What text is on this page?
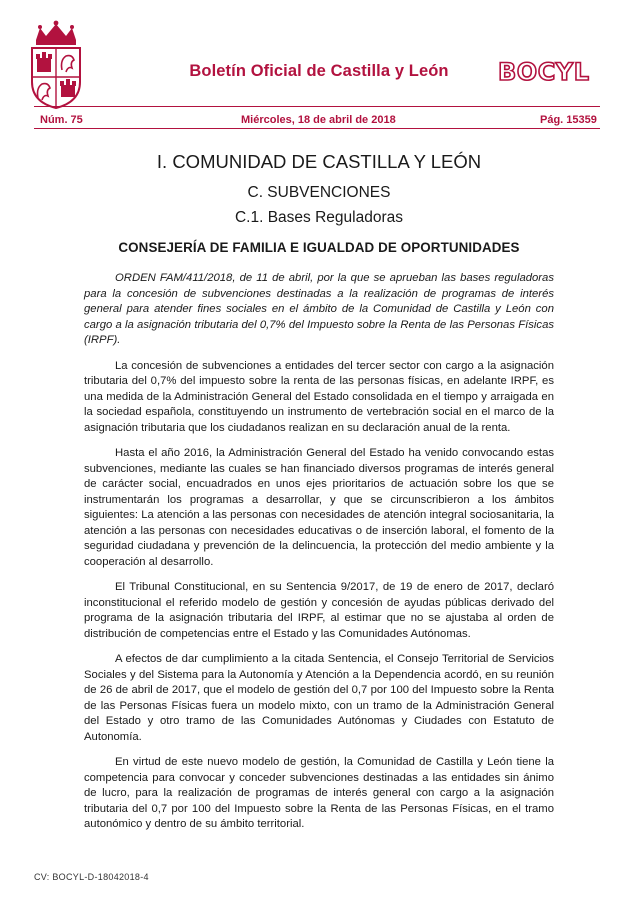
Boletín Oficial de Castilla y León	BOCYL
Núm. 75	Miércoles, 18 de abril de 2018	Pág. 15359
I. COMUNIDAD DE CASTILLA Y LEÓN
C. SUBVENCIONES
C.1. Bases Reguladoras
CONSEJERÍA DE FAMILIA E IGUALDAD DE OPORTUNIDADES

ORDEN FAM/411/2018, de 11 de abril, por la que se aprueban las bases reguladoras para la concesión de subvenciones destinadas a la realización de programas de interés general para atender fines sociales en el ámbito de la Comunidad de Castilla y León con cargo a la asignación tributaria del 0,7% del Impuesto sobre la Renta de las Personas Físicas (IRPF).

La concesión de subvenciones a entidades del tercer sector con cargo a la asignación tributaria del 0,7% del impuesto sobre la renta de las personas físicas, en adelante IRPF, es una medida de la Administración General del Estado consolidada en el tiempo y arraigada en la sociedad española, constituyendo un instrumento de vertebración social en el marco de la asignación tributaria que los ciudadanos realizan en su declaración anual de la renta.

Hasta el año 2016, la Administración General del Estado ha venido convocando estas subvenciones, mediante las cuales se han financiado diversos programas de interés general de carácter social, encuadrados en unos ejes prioritarios de actuación sobre los que se instrumentarán los programas a desarrollar, y que se circunscribieron a los ámbitos siguientes: La atención a las personas con necesidades de atención integral sociosanitaria, la atención a las personas con necesidades educativas o de inserción laboral, el fomento de la seguridad ciudadana y prevención de la delincuencia, la protección del medio ambiente y la cooperación al desarrollo.

El Tribunal Constitucional, en su Sentencia 9/2017, de 19 de enero de 2017, declaró inconstitucional el referido modelo de gestión y concesión de ayudas públicas derivado del programa de la asignación tributaria del IRPF, al estimar que no se ajustaba al orden de distribución de competencias entre el Estado y las Comunidades Autónomas.

A efectos de dar cumplimiento a la citada Sentencia, el Consejo Territorial de Servicios Sociales y del Sistema para la Autonomía y Atención a la Dependencia acordó, en su reunión de 26 de abril de 2017, que el modelo de gestión del 0,7 por 100 del Impuesto sobre la Renta de las Personas Físicas fuera un modelo mixto, con un tramo de la Administración General del Estado y otro tramo de las Comunidades Autónomas y Ciudades con Estatuto de Autonomía.

En virtud de este nuevo modelo de gestión, la Comunidad de Castilla y León tiene la competencia para convocar y conceder subvenciones destinadas a las entidades sin ánimo de lucro, para la realización de programas de interés general con cargo a la asignación tributaria del 0,7 por 100 del Impuesto sobre la Renta de las Personas Físicas, en el tramo autonómico y dentro de su ámbito territorial.

CV: BOCYL-D-18042018-4
